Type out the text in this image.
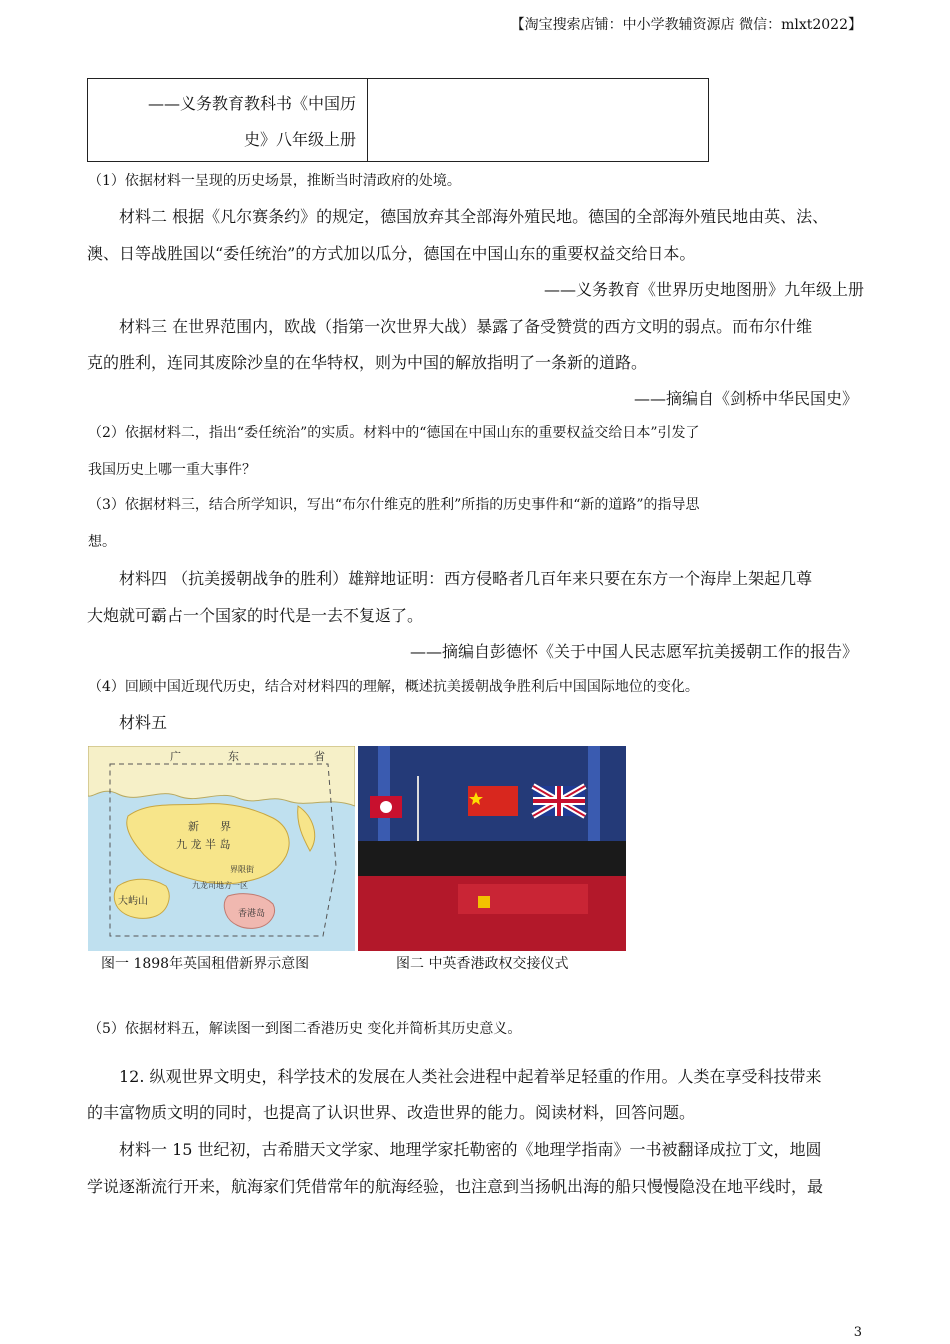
【淘宝搜索店铺：中小学教辅资源店 微信：mlxt2022】
——义务教育教科书《中国历
史》八年级上册
（1）依据材料一呈现的历史场景，推断当时清政府的处境。
材料二 根据《凡尔赛条约》的规定，德国放弃其全部海外殖民地。德国的全部海外殖民地由英、法、
澳、日等战胜国以“委任统治”的方式加以瓜分，德国在中国山东的重要权益交给日本。
——义务教育《世界历史地图册》九年级上册
材料三 在世界范围内，欧战（指第一次世界大战）暴露了备受赞赏的西方文明的弱点。而布尔什维
克的胜利，连同其废除沙皇的在华特权，则为中国的解放指明了一条新的道路。
——摘编自《剑桥中华民国史》
（2）依据材料二，指出“委任统治”的实质。材料中的“德国在中国山东的重要权益交给日本”引发了
我国历史上哪一重大事件？
（3）依据材料三，结合所学知识，写出“布尔什维克的胜利”所指的历史事件和“新的道路”的指导思
想。
材料四 （抗美援朝战争的胜利）雄辩地证明：西方侵略者几百年来只要在东方一个海岸上架起几尊
大炮就可霸占一个国家的时代是一去不复返了。
——摘编自彭德怀《关于中国人民志愿军抗美援朝工作的报告》
（4）回顾中国近现代历史，结合对材料四的理解，概述抗美援朝战争胜利后中国国际地位的变化。
材料五
广	东	省
新 界
九 龙 半 岛
界限街
九龙司地方一区
大屿山
香港岛
图一 1898年英国租借新界示意图	图二 中英香港政权交接仪式
（5）依据材料五，解读图一到图二香港历史 变化并简析其历史意义。
12. 纵观世界文明史，科学技术的发展在人类社会进程中起着举足轻重的作用。人类在享受科技带来
的丰富物质文明的同时，也提高了认识世界、改造世界的能力。阅读材料，回答问题。
材料一 15 世纪初，古希腊天文学家、地理学家托勒密的《地理学指南》一书被翻译成拉丁文，地圆
学说逐渐流行开来，航海家们凭借常年的航海经验，也注意到当扬帆出海的船只慢慢隐没在地平线时，最
3
